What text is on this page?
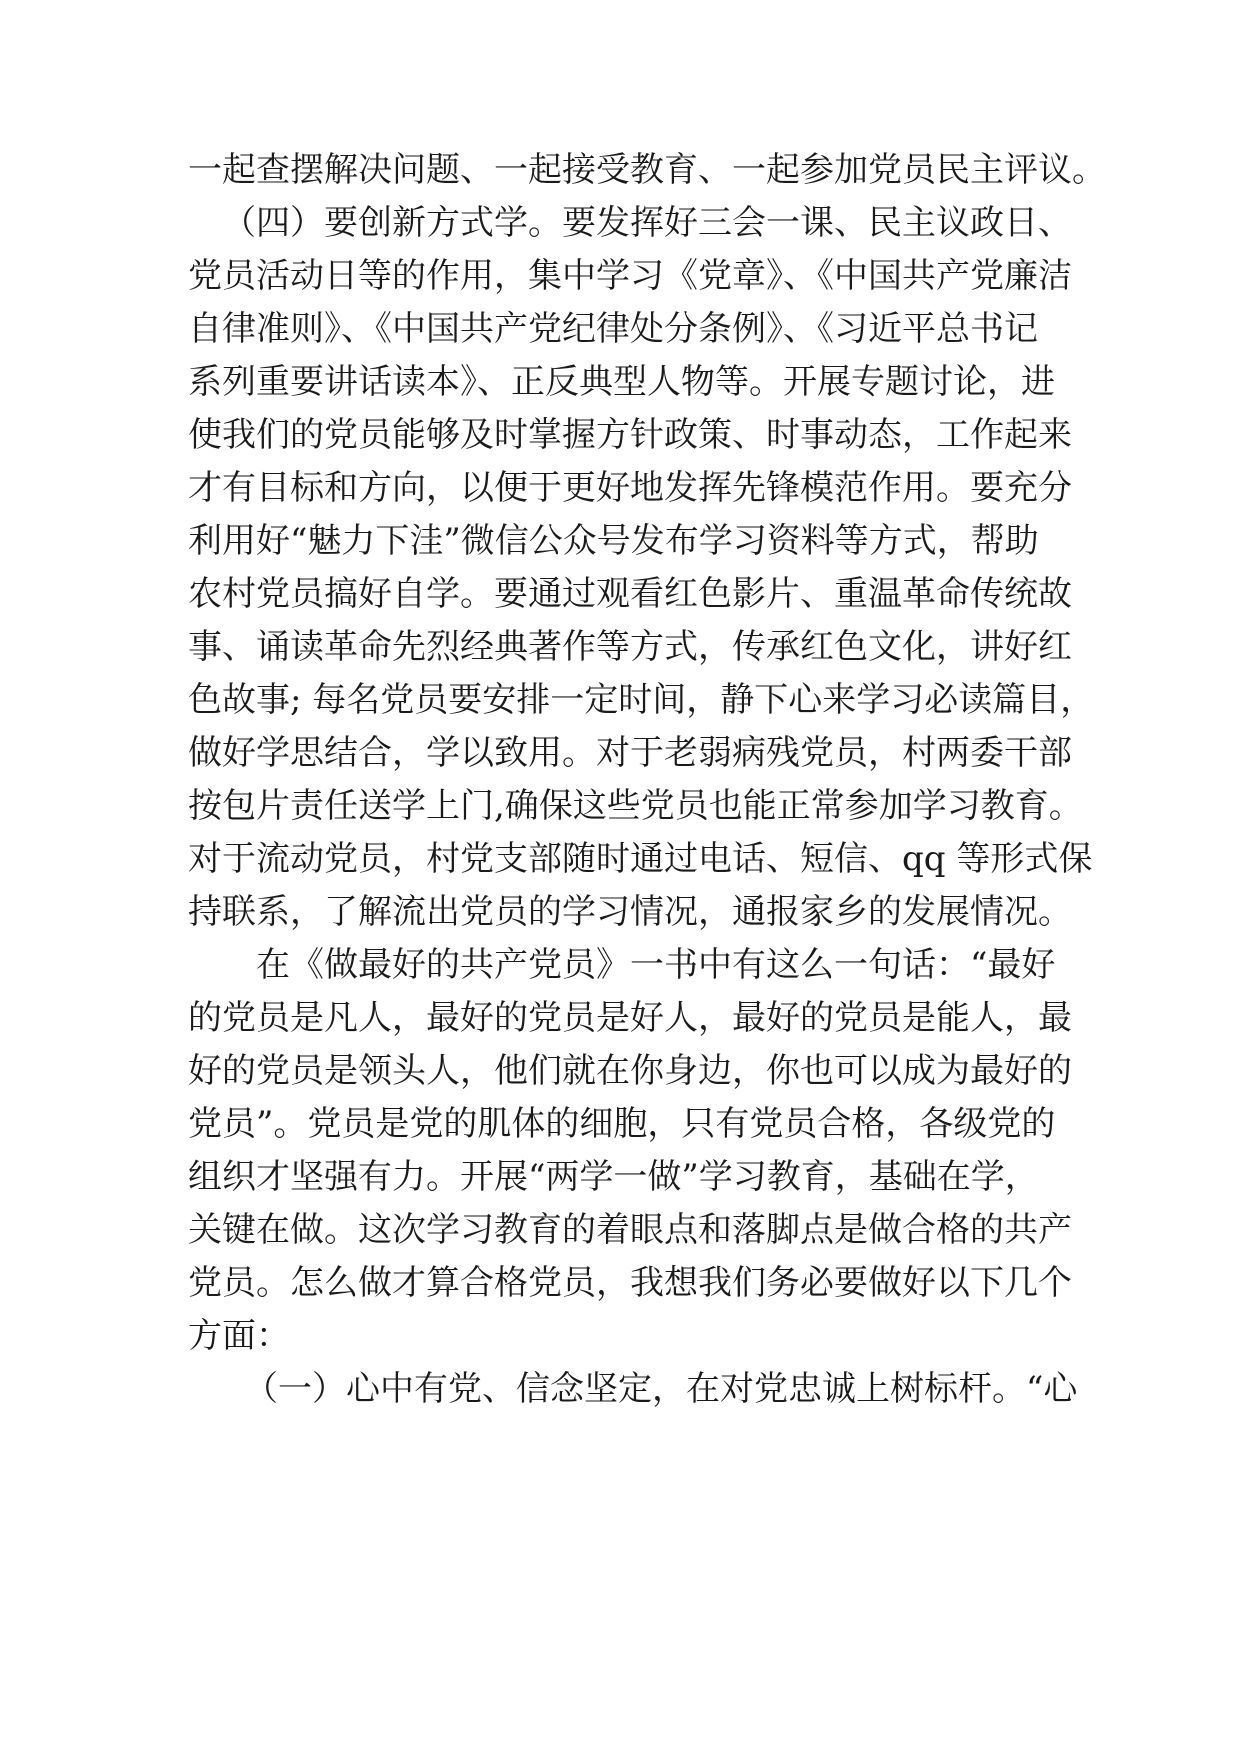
一起查摆解决问题、一起接受教育、一起参加党员民主评议。
（四）要创新方式学。要发挥好三会一课、民主议政日、
党员活动日等的作用，集中学习《党章》、《中国共产党廉洁
自律准则》、《中国共产党纪律处分条例》、《习近平总书记
系列重要讲话读本》、正反典型人物等。开展专题讨论，进
使我们的党员能够及时掌握方针政策、时事动态，工作起来
才有目标和方向，以便于更好地发挥先锋模范作用。要充分
利用好“魅力下洼”微信公众号发布学习资料等方式，帮助
农村党员搞好自学。要通过观看红色影片、重温革命传统故
事、诵读革命先烈经典著作等方式，传承红色文化，讲好红
色故事; 每名党员要安排一定时间，静下心来学习必读篇目，
做好学思结合，学以致用。对于老弱病残党员，村两委干部
按包片责任送学上门,确保这些党员也能正常参加学习教育。
对于流动党员，村党支部随时通过电话、短信、qq 等形式保
持联系，了解流出党员的学习情况，通报家乡的发展情况。
在《做最好的共产党员》一书中有这么一句话：“最好
的党员是凡人，最好的党员是好人，最好的党员是能人，最
好的党员是领头人，他们就在你身边，你也可以成为最好的
党员”。党员是党的肌体的细胞，只有党员合格，各级党的
组织才坚强有力。开展“两学一做”学习教育，基础在学，
关键在做。这次学习教育的着眼点和落脚点是做合格的共产
党员。怎么做才算合格党员，我想我们务必要做好以下几个
方面：
（一）心中有党、信念坚定，在对党忠诚上树标杆。“心
